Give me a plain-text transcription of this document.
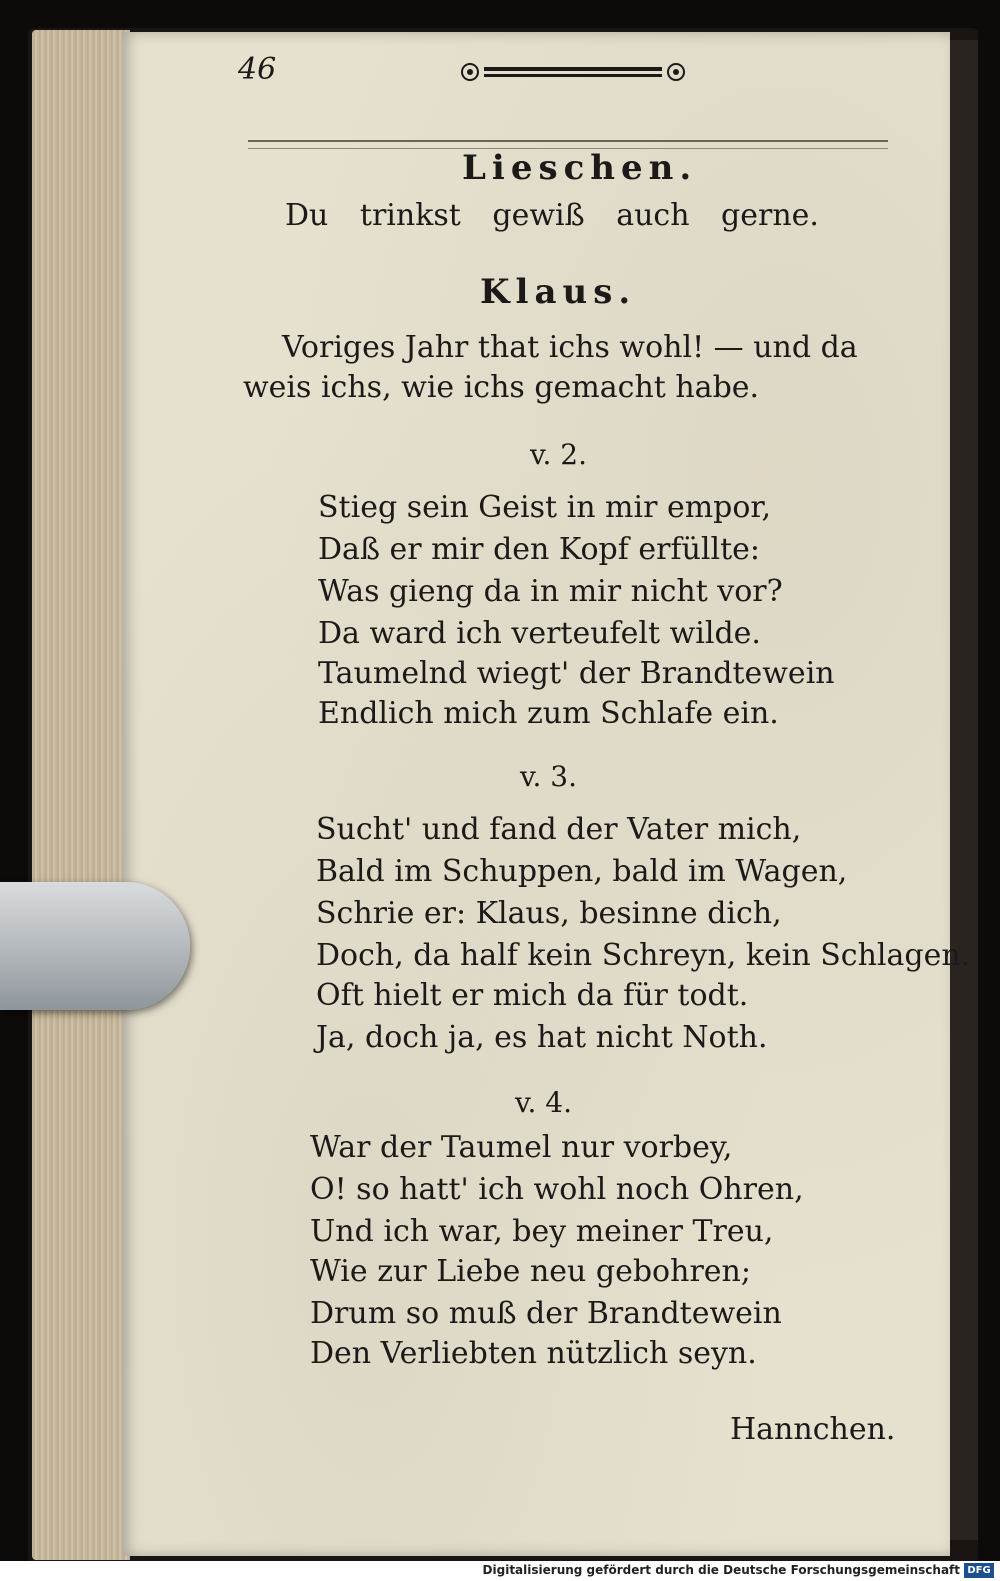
46
Lieschen.
Du trinkst gewiß auch gerne.
Klaus.
Voriges Jahr that ichs wohl! — und da
weis ichs, wie ichs gemacht habe.
v. 2.
Stieg sein Geist in mir empor,
Daß er mir den Kopf erfüllte:
Was gieng da in mir nicht vor?
Da ward ich verteufelt wilde.
Taumelnd wiegt' der Brandtewein
Endlich mich zum Schlafe ein.
v. 3.
Sucht' und fand der Vater mich,
Bald im Schuppen, bald im Wagen,
Schrie er: Klaus, besinne dich,
Doch, da half kein Schreyn, kein Schlagen.
Oft hielt er mich da für todt.
Ja, doch ja, es hat nicht Noth.
v. 4.
War der Taumel nur vorbey,
O! so hatt' ich wohl noch Ohren,
Und ich war, bey meiner Treu,
Wie zur Liebe neu gebohren;
Drum so muß der Brandtewein
Den Verliebten nützlich seyn.
Hannchen.
Digitalisierung gefördert durch die Deutsche Forschungsgemeinschaft DFG
